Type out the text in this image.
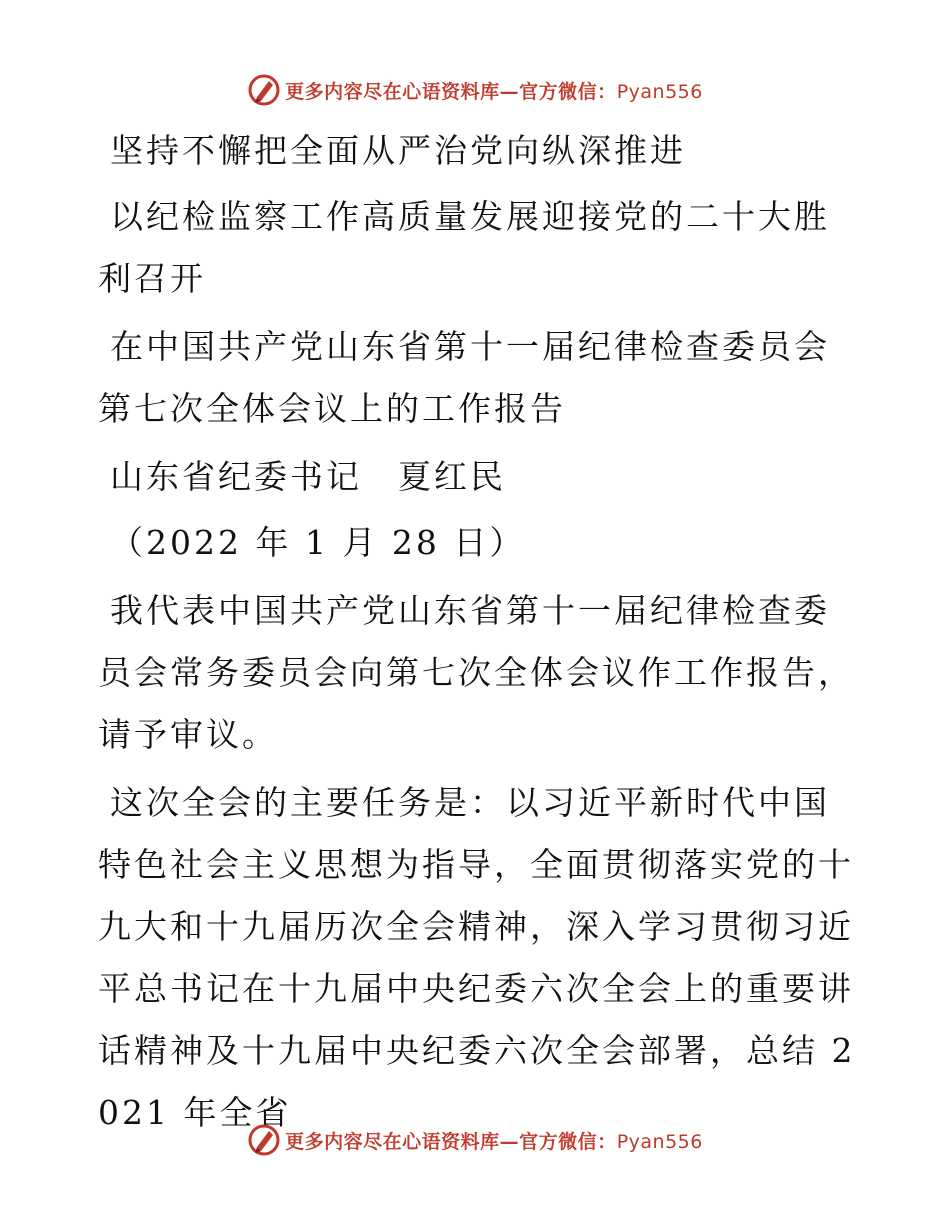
更多内容尽在心语资料库—官方微信：Pyan556

坚持不懈把全面从严治党向纵深推进

以纪检监察工作高质量发展迎接党的二十大胜利召开

在中国共产党山东省第十一届纪律检查委员会第七次全体会议上的工作报告

山东省纪委书记　夏红民

（2022 年 1 月 28 日）

我代表中国共产党山东省第十一届纪律检查委员会常务委员会向第七次全体会议作工作报告，请予审议。

这次全会的主要任务是：以习近平新时代中国特色社会主义思想为指导，全面贯彻落实党的十九大和十九届历次全会精神，深入学习贯彻习近平总书记在十九届中央纪委六次全会上的重要讲话精神及十九届中央纪委六次全会部署，总结 2021 年全省

更多内容尽在心语资料库—官方微信：Pyan556
